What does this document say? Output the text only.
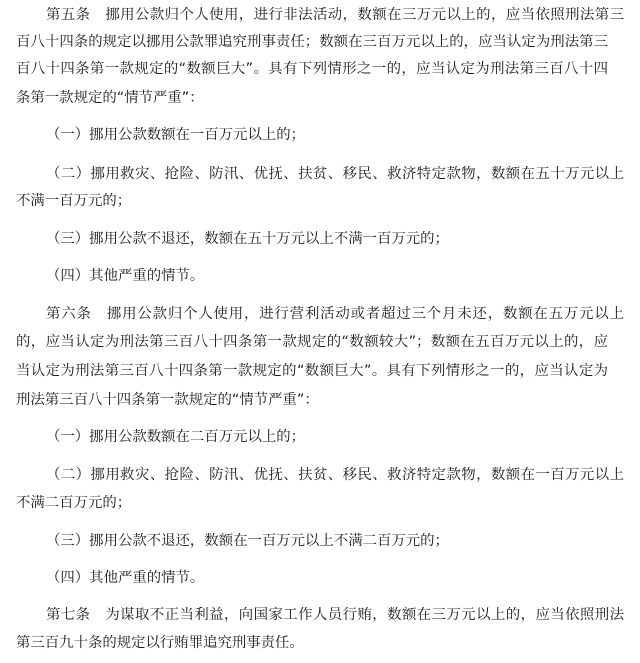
第五条　挪用公款归个人使用，进行非法活动，数额在三万元以上的，应当依照刑法第三
百八十四条的规定以挪用公款罪追究刑事责任；数额在三百万元以上的，应当认定为刑法第三
百八十四条第一款规定的“数额巨大”。具有下列情形之一的，应当认定为刑法第三百八十四
条第一款规定的“情节严重”：
（一）挪用公款数额在一百万元以上的；
（二）挪用救灾、抢险、防汛、优抚、扶贫、移民、救济特定款物，数额在五十万元以上
不满一百万元的；
（三）挪用公款不退还，数额在五十万元以上不满一百万元的；
（四）其他严重的情节。
第六条　挪用公款归个人使用，进行营利活动或者超过三个月未还，数额在五万元以上
的，应当认定为刑法第三百八十四条第一款规定的“数额较大”；数额在五百万元以上的，应
当认定为刑法第三百八十四条第一款规定的“数额巨大”。具有下列情形之一的，应当认定为
刑法第三百八十四条第一款规定的“情节严重”：
（一）挪用公款数额在二百万元以上的；
（二）挪用救灾、抢险、防汛、优抚、扶贫、移民、救济特定款物，数额在一百万元以上
不满二百万元的；
（三）挪用公款不退还，数额在一百万元以上不满二百万元的；
（四）其他严重的情节。
第七条　为谋取不正当利益，向国家工作人员行贿，数额在三万元以上的，应当依照刑法
第三百九十条的规定以行贿罪追究刑事责任。
